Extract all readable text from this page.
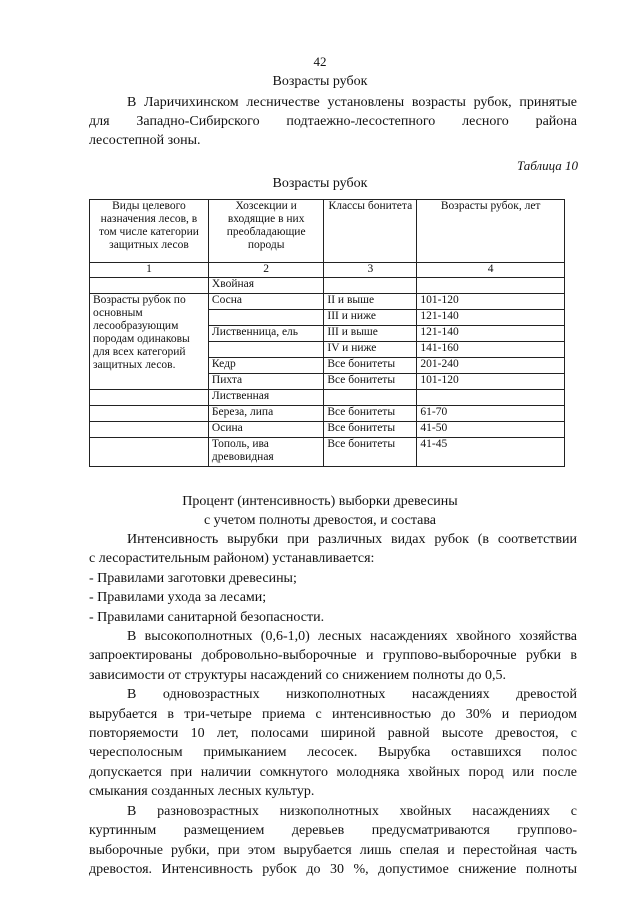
42
Возрасты рубок
В Ларичихинском лесничестве установлены возрасты рубок, принятые
для Западно-Сибирского подтаежно-лесостепного лесного района
лесостепной зоны.
Таблица 10
Возрасты рубок
Виды целевого назначения лесов, в том числе категории защитных лесов	Хозсекции и входящие в них преобладающие породы	Классы бонитета	Возрасты рубок, лет
1	2	3	4
	Хвойная		
Возрасты рубок по основным лесообразующим породам одинаковы для всех категорий защитных лесов.	Сосна	II и выше	101-120
		III и ниже	121-140
	Лиственница, ель	III и выше	121-140
		IV и ниже	141-160
	Кедр	Все бонитеты	201-240
	Пихта	Все бонитеты	101-120
	Лиственная		
	Береза, липа	Все бонитеты	61-70
	Осина	Все бонитеты	41-50
	Тополь, ива древовидная	Все бонитеты	41-45
Процент (интенсивность) выборки древесины
с учетом полноты древостоя, и состава
Интенсивность вырубки при различных видах рубок (в соответствии
с лесорастительным районом) устанавливается:
- Правилами заготовки древесины;
- Правилами ухода за лесами;
- Правилами санитарной безопасности.
В высокополнотных (0,6-1,0) лесных насаждениях хвойного хозяйства
запроектированы добровольно-выборочные и группово-выборочные рубки в
зависимости от структуры насаждений со снижением полноты до 0,5.
В одновозрастных низкополнотных насаждениях древостой
вырубается в три-четыре приема с интенсивностью до 30% и периодом
повторяемости 10 лет, полосами шириной равной высоте древостоя, с
чересполосным примыканием лесосек. Вырубка оставшихся полос
допускается при наличии сомкнутого молодняка хвойных пород или после
смыкания созданных лесных культур.
В разновозрастных низкополнотных хвойных насаждениях с
куртинным размещением деревьев предусматриваются группово-
выборочные рубки, при этом вырубается лишь спелая и перестойная часть
древостоя. Интенсивность рубок до 30 %, допустимое снижение полноты
